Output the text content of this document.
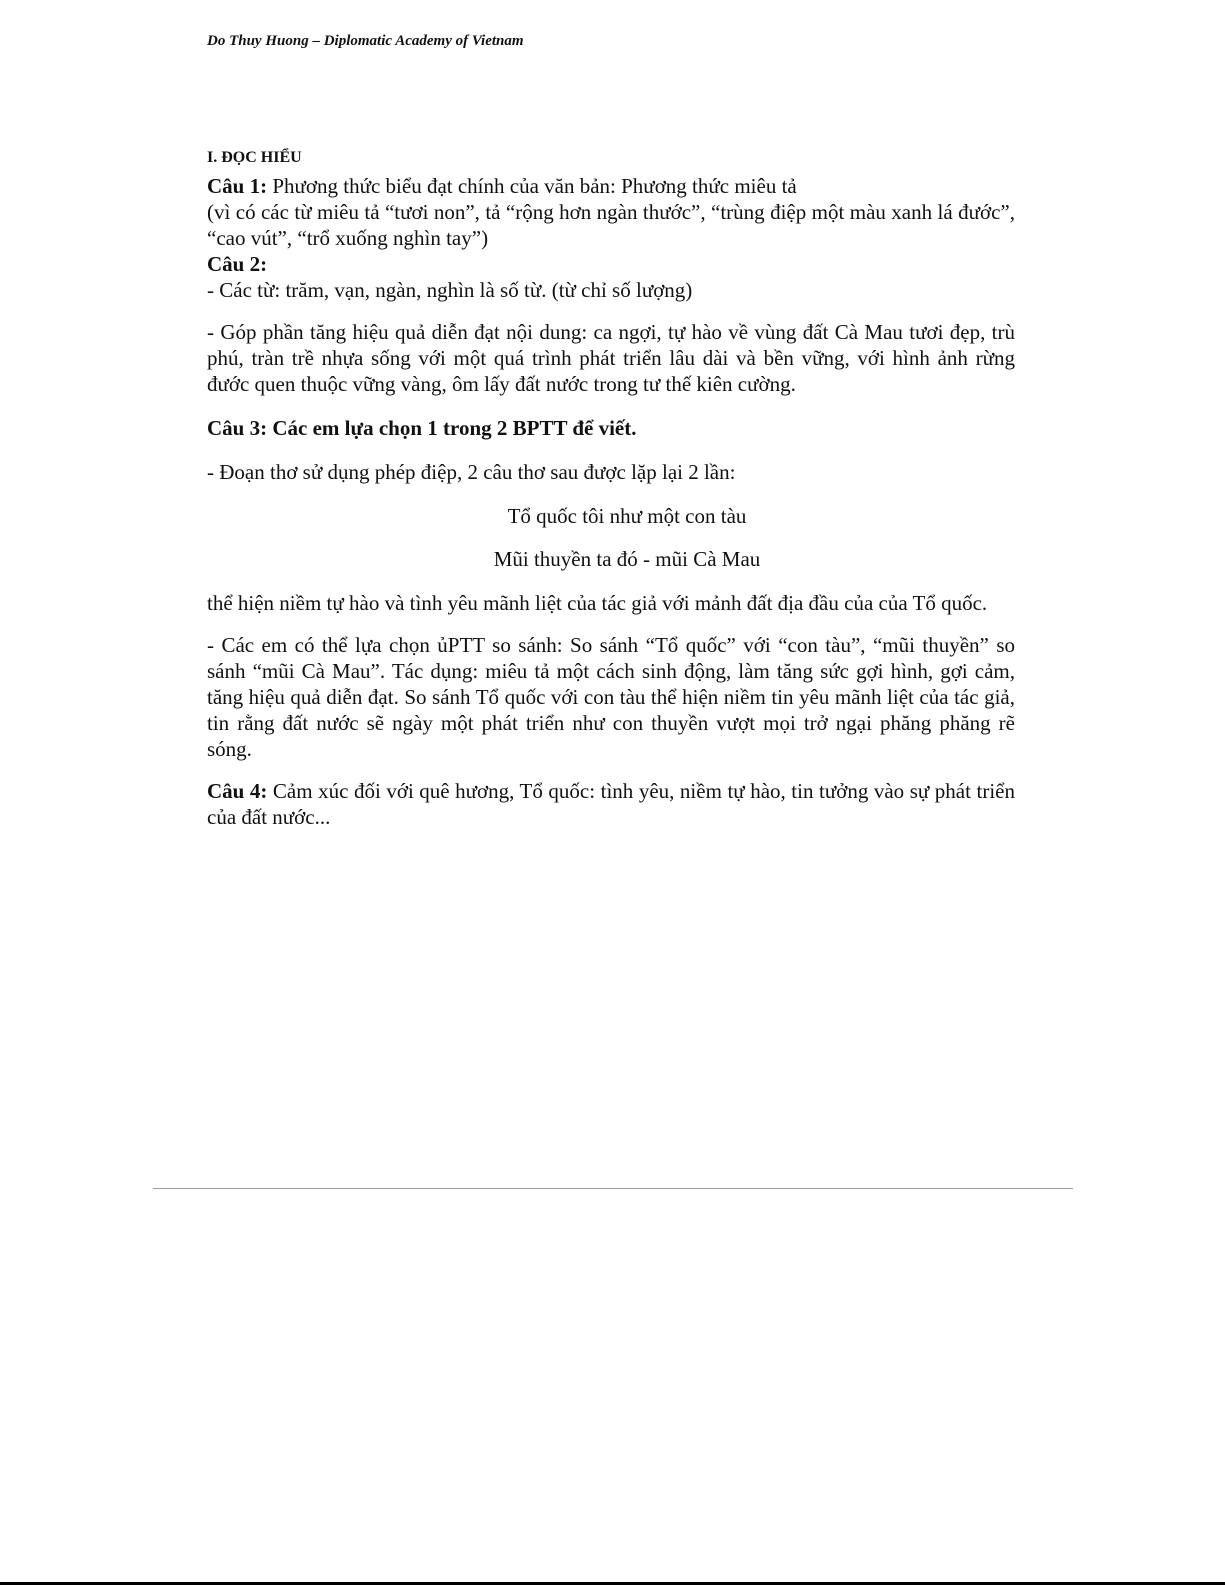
Do Thuy Huong – Diplomatic Academy of Vietnam
I. ĐỌC HIỂU

Câu 1: Phương thức biểu đạt chính của văn bản: Phương thức miêu tả

(vì có các từ miêu tả “tươi non”, tả “rộng hơn ngàn thước”, “trùng điệp một màu xanh lá đước”, “cao vút”, “trổ xuống nghìn tay”)

Câu 2:

- Các từ: trăm, vạn, ngàn, nghìn là số từ. (từ chỉ số lượng)

- Góp phần tăng hiệu quả diễn đạt nội dung: ca ngợi, tự hào về vùng đất Cà Mau tươi đẹp, trù phú, tràn trề nhựa sống với một quá trình phát triển lâu dài và bền vững, với hình ảnh rừng đước quen thuộc vững vàng, ôm lấy đất nước trong tư thế kiên cường.

Câu 3: Các em lựa chọn 1 trong 2 BPTT để viết.

- Đoạn thơ sử dụng phép điệp, 2 câu thơ sau được lặp lại 2 lần:

Tổ quốc tôi như một con tàu

Mũi thuyền ta đó - mũi Cà Mau

thể hiện niềm tự hào và tình yêu mãnh liệt của tác giả với mảnh đất địa đầu của của Tổ quốc.

- Các em có thể lựa chọn ủPTT so sánh: So sánh “Tổ quốc” với “con tàu”, “mũi thuyền” so sánh “mũi Cà Mau”. Tác dụng: miêu tả một cách sinh động, làm tăng sức gợi hình, gợi cảm, tăng hiệu quả diễn đạt. So sánh Tổ quốc với con tàu thể hiện niềm tin yêu mãnh liệt của tác giả, tin rằng đất nước sẽ ngày một phát triển như con thuyền vượt mọi trở ngại phăng phăng rẽ sóng.

Câu 4: Cảm xúc đối với quê hương, Tổ quốc: tình yêu, niềm tự hào, tin tưởng vào sự phát triển của đất nước...
